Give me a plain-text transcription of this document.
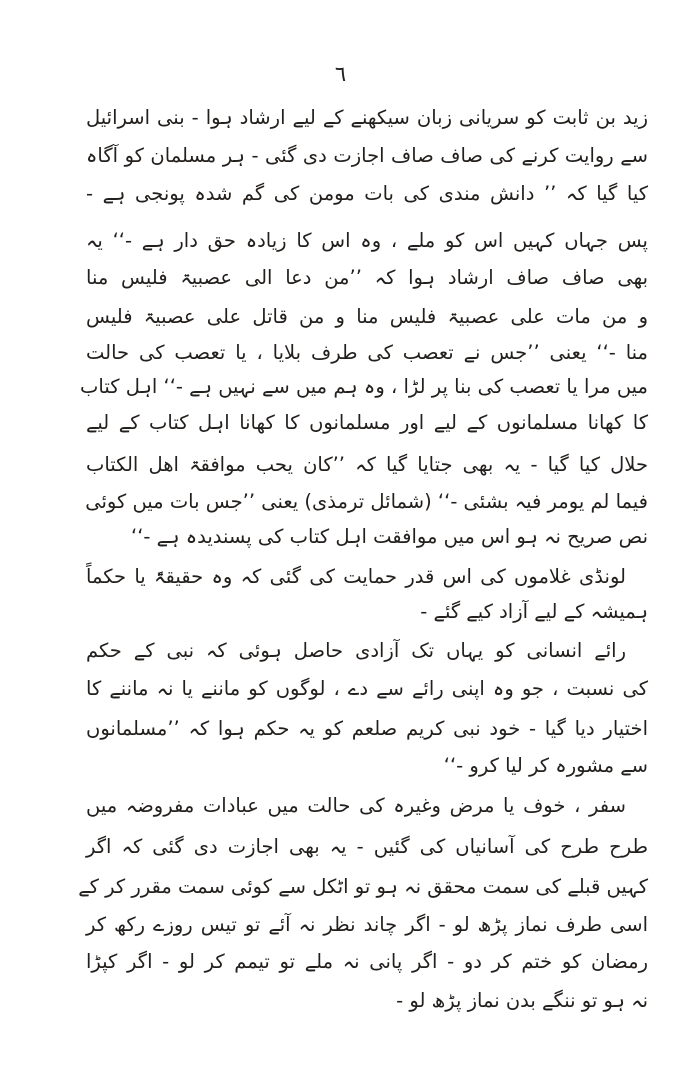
٦
زید بن ثابت کو سریانی زبان سیکھنے کے لیے ارشاد ہوا - بنی اسرائیل
سے روایت کرنے کی صاف صاف اجازت دی گئی - ہر مسلمان کو آگاہ
کیا گیا کہ ’’ دانش مندی کی بات مومن کی گم شدہ پونجی ہے -
پس جہاں کہیں اس کو ملے ، وہ اس کا زیادہ حق دار ہے -‘‘ یہ
بھی صاف صاف ارشاد ہوا کہ ’’من دعا الی عصبیۃ فلیس منا
و من مات علی عصبیۃ فلیس منا و من قاتل علی عصبیۃ فلیس
منا -‘‘ یعنی ’’جس نے تعصب کی طرف بلایا ، یا تعصب کی حالت
میں مرا یا تعصب کی بنا پر لڑا ، وہ ہم میں سے نہیں ہے -‘‘ اہل کتاب
کا کھانا مسلمانوں کے لیے اور مسلمانوں کا کھانا اہل کتاب کے لیے
حلال کیا گیا - یہ بھی جتایا گیا کہ ’’کان یحب موافقۃ اھل الکتاب
فیما لم یومر فیہ بشئی -‘‘ (شمائل ترمذی) یعنی ’’جس بات میں کوئی
نص صریح نہ ہو اس میں موافقت اہل کتاب کی پسندیدہ ہے -‘‘
لونڈی غلاموں کی اس قدر حمایت کی گئی کہ وہ حقیقۃً یا حکماً
ہمیشہ کے لیے آزاد کیے گئے -
رائے انسانی کو یہاں تک آزادی حاصل ہوئی کہ نبی کے حکم
کی نسبت ، جو وہ اپنی رائے سے دے ، لوگوں کو ماننے یا نہ ماننے کا
اختیار دیا گیا - خود نبی کریم صلعم کو یہ حکم ہوا کہ ’’مسلمانوں
سے مشورہ کر لیا کرو -‘‘
سفر ، خوف یا مرض وغیرہ کی حالت میں عبادات مفروضہ میں
طرح طرح کی آسانیاں کی گئیں - یہ بھی اجازت دی گئی کہ اگر
کہیں قبلے کی سمت محقق نہ ہو تو اٹکل سے کوئی سمت مقرر کر کے
اسی طرف نماز پڑھ لو - اگر چاند نظر نہ آئے تو تیس روزے رکھ کر
رمضان کو ختم کر دو - اگر پانی نہ ملے تو تیمم کر لو - اگر کپڑا
نہ ہو تو ننگے بدن نماز پڑھ لو -
